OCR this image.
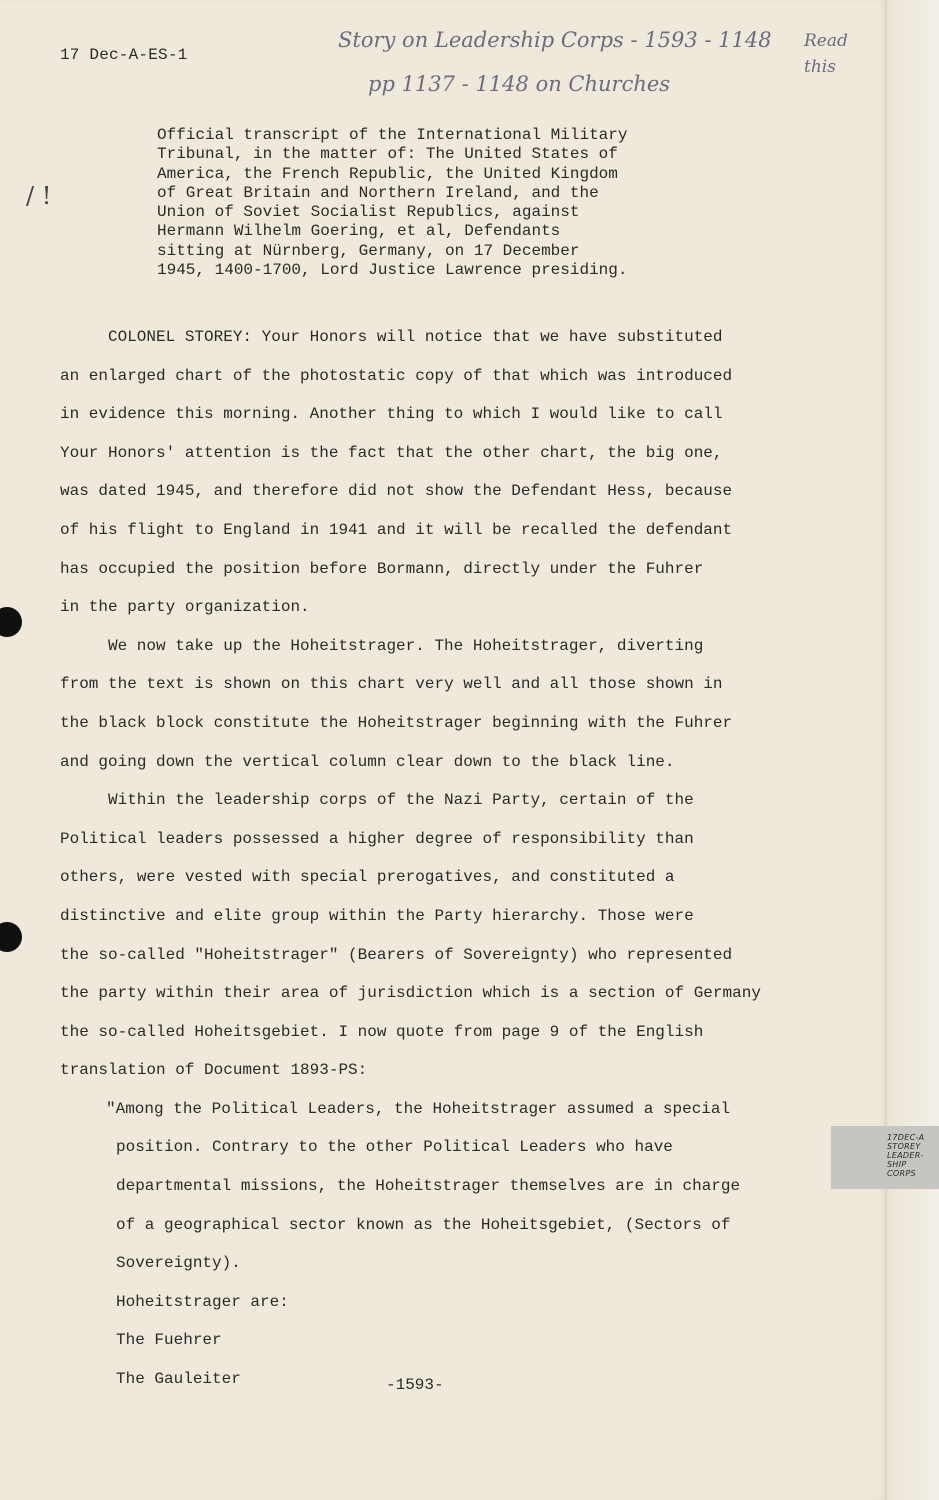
17 Dec-A-ES-1
Story on Leadership Corps - 1593 - 1148
pp 1137 - 1148 on Churches
Read this
/ !
Official transcript of the International Military
Tribunal, in the matter of: The United States of
America, the French Republic, the United Kingdom
of Great Britain and Northern Ireland, and the
Union of Soviet Socialist Republics, against
Hermann Wilhelm Goering, et al, Defendants
sitting at Nürnberg, Germany, on 17 December
1945, 1400-1700, Lord Justice Lawrence presiding.
COLONEL STOREY: Your Honors will notice that we have substituted
an enlarged chart of the photostatic copy of that which was introduced
in evidence this morning. Another thing to which I would like to call
Your Honors' attention is the fact that the other chart, the big one,
was dated 1945, and therefore did not show the Defendant Hess, because
of his flight to England in 1941 and it will be recalled the defendant
has occupied the position before Bormann, directly under the Fuhrer
in the party organization.
We now take up the Hoheitstrager. The Hoheitstrager, diverting
from the text is shown on this chart very well and all those shown in
the black block constitute the Hoheitstrager beginning with the Fuhrer
and going down the vertical column clear down to the black line.
Within the leadership corps of the Nazi Party, certain of the
Political leaders possessed a higher degree of responsibility than
others, were vested with special prerogatives, and constituted a
distinctive and elite group within the Party hierarchy. Those were
the so-called "Hoheitstrager" (Bearers of Sovereignty) who represented
the party within their area of jurisdiction which is a section of Germany
the so-called Hoheitsgebiet. I now quote from page 9 of the English
translation of Document 1893-PS:
"Among the Political Leaders, the Hoheitstrager assumed a special
position. Contrary to the other Political Leaders who have
departmental missions, the Hoheitstrager themselves are in charge
of a geographical sector known as the Hoheitsgebiet, (Sectors of
Sovereignty).
Hoheitstrager are:
The Fuehrer
The Gauleiter	-1593-
17DEC-A
STOREY
LEADER-
SHIP
CORPS
